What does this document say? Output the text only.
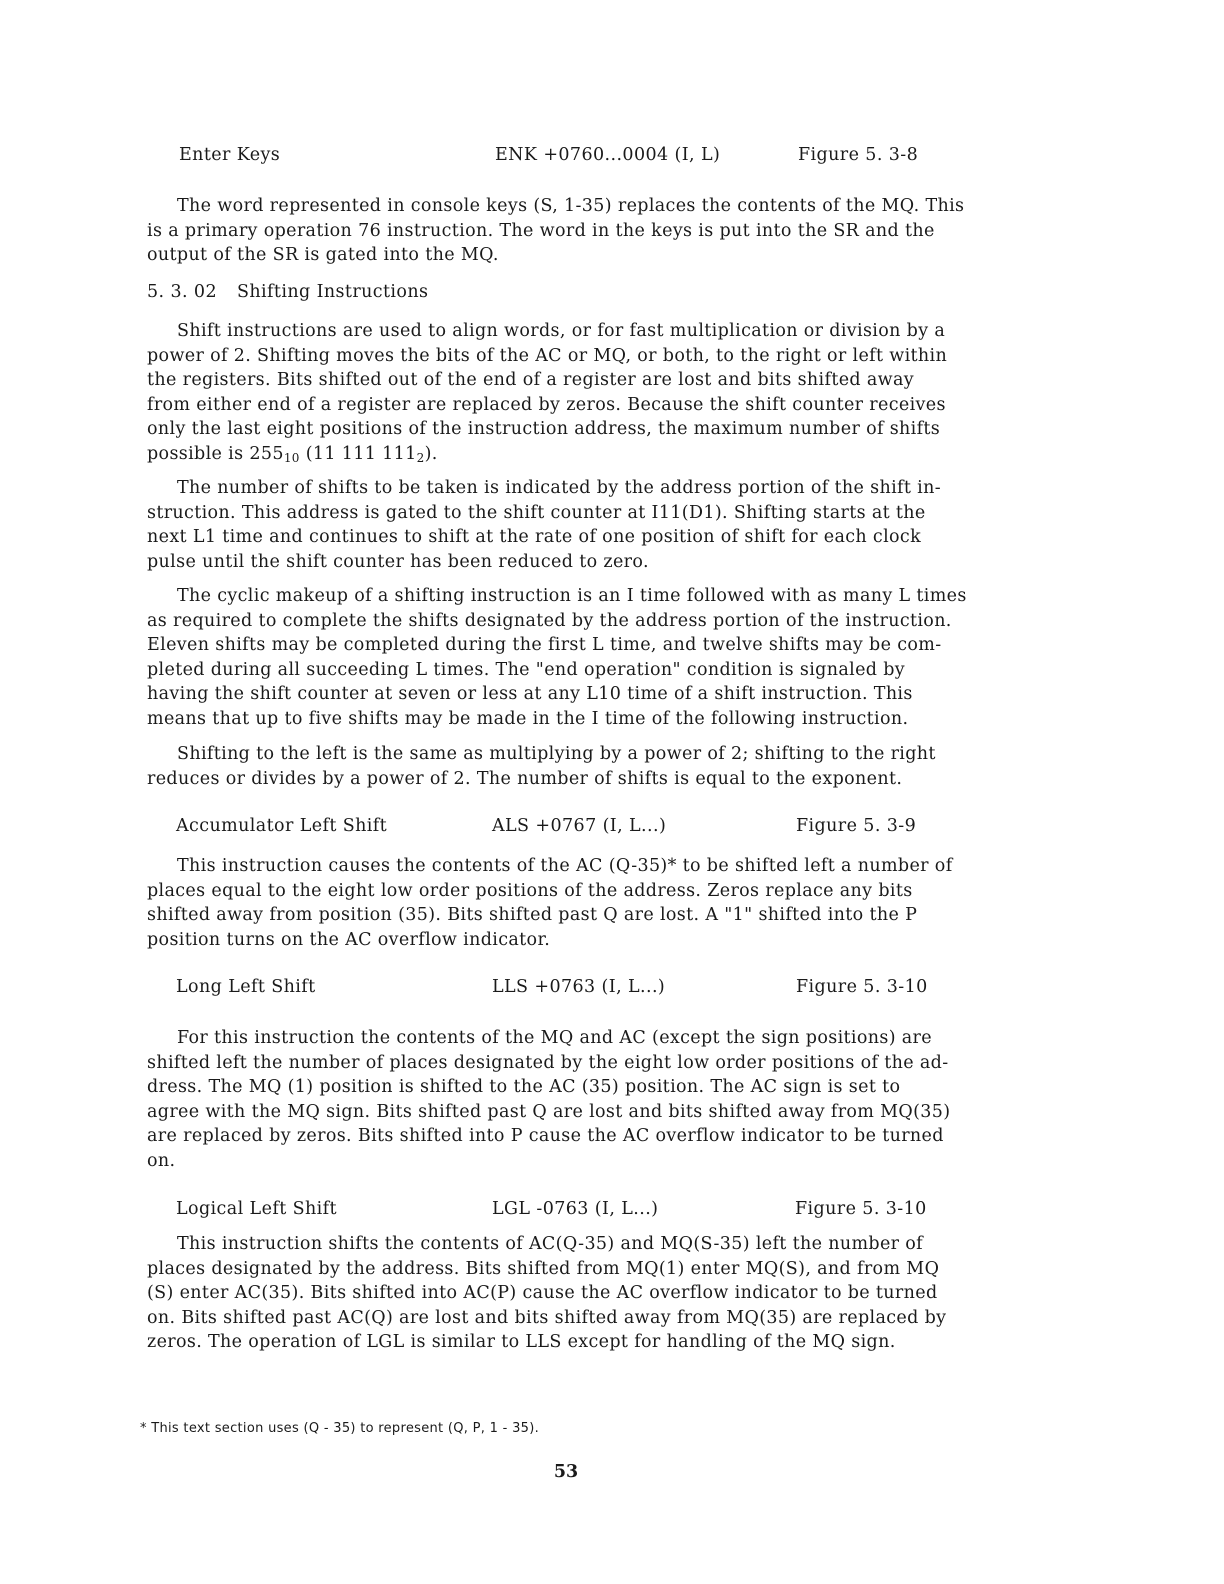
Enter Keys	ENK +0760...0004 (I, L)	Figure 5. 3-8
The word represented in console keys (S, 1-35) replaces the contents of the MQ. This
is a primary operation 76 instruction. The word in the keys is put into the SR and the
output of the SR is gated into the MQ.
5. 3. 02 Shifting Instructions
Shift instructions are used to align words, or for fast multiplication or division by a
power of 2. Shifting moves the bits of the AC or MQ, or both, to the right or left within
the registers. Bits shifted out of the end of a register are lost and bits shifted away
from either end of a register are replaced by zeros. Because the shift counter receives
only the last eight positions of the instruction address, the maximum number of shifts
possible is $255_{10}$ (11 111 $111_2$).
The number of shifts to be taken is indicated by the address portion of the shift in-
struction. This address is gated to the shift counter at I11(D1). Shifting starts at the
next L1 time and continues to shift at the rate of one position of shift for each clock
pulse until the shift counter has been reduced to zero.
The cyclic makeup of a shifting instruction is an I time followed with as many L times
as required to complete the shifts designated by the address portion of the instruction.
Eleven shifts may be completed during the first L time, and twelve shifts may be com-
pleted during all succeeding L times. The "end operation" condition is signaled by
having the shift counter at seven or less at any L10 time of a shift instruction. This
means that up to five shifts may be made in the I time of the following instruction.
Shifting to the left is the same as multiplying by a power of 2; shifting to the right
reduces or divides by a power of 2. The number of shifts is equal to the exponent.
Accumulator Left Shift	ALS +0767 (I, L...)	Figure 5. 3-9
This instruction causes the contents of the AC (Q-35)* to be shifted left a number of
places equal to the eight low order positions of the address. Zeros replace any bits
shifted away from position (35). Bits shifted past Q are lost. A "1" shifted into the P
position turns on the AC overflow indicator.
Long Left Shift	LLS +0763 (I, L...)	Figure 5. 3-10
For this instruction the contents of the MQ and AC (except the sign positions) are
shifted left the number of places designated by the eight low order positions of the ad-
dress. The MQ (1) position is shifted to the AC (35) position. The AC sign is set to
agree with the MQ sign. Bits shifted past Q are lost and bits shifted away from MQ(35)
are replaced by zeros. Bits shifted into P cause the AC overflow indicator to be turned
on.
Logical Left Shift	LGL -0763 (I, L...)	Figure 5. 3-10
This instruction shifts the contents of AC(Q-35) and MQ(S-35) left the number of
places designated by the address. Bits shifted from MQ(1) enter MQ(S), and from MQ
(S) enter AC(35). Bits shifted into AC(P) cause the AC overflow indicator to be turned
on. Bits shifted past AC(Q) are lost and bits shifted away from MQ(35) are replaced by
zeros. The operation of LGL is similar to LLS except for handling of the MQ sign.
* This text section uses (Q - 35) to represent (Q, P, 1 - 35).
53
